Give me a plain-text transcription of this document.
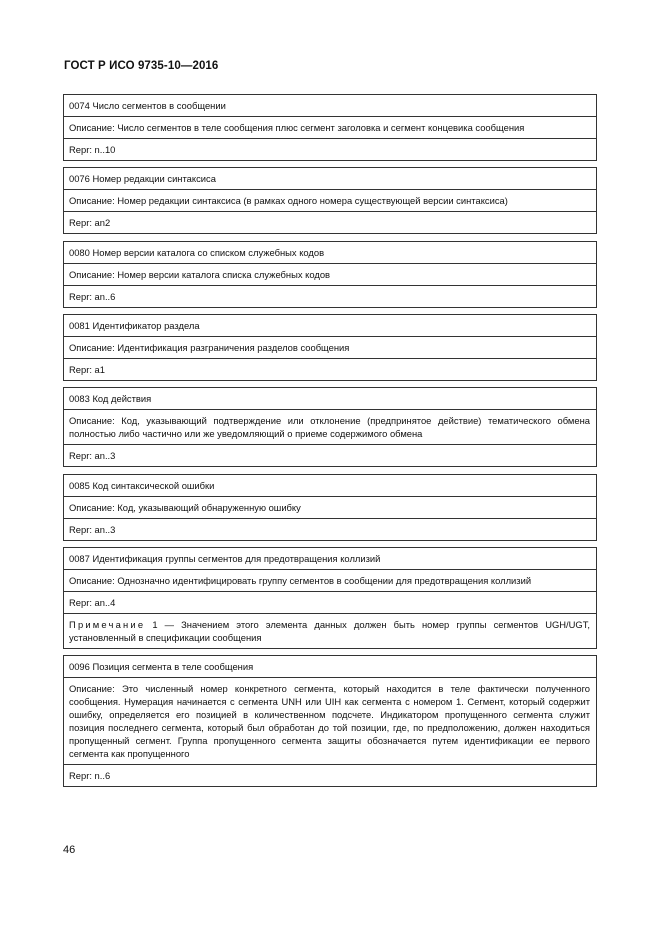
ГОСТ Р ИСО 9735-10—2016
0074 Число сегментов в сообщении
Описание: Число сегментов в теле сообщения плюс сегмент заголовка и сегмент концевика сообщения
Repr: n..10
0076 Номер редакции синтаксиса
Описание: Номер редакции синтаксиса (в рамках одного номера существующей версии синтаксиса)
Repr: an2
0080 Номер версии каталога со списком служебных кодов
Описание: Номер версии каталога списка служебных кодов
Repr: an..6
0081 Идентификатор раздела
Описание: Идентификация разграничения разделов сообщения
Repr: a1
0083 Код действия
Описание: Код, указывающий подтверждение или отклонение (предпринятое действие) тематического обмена полностью либо частично или же уведомляющий о приеме содержимого обмена
Repr: an..3
0085 Код синтаксической ошибки
Описание: Код, указывающий обнаруженную ошибку
Repr: an..3
0087 Идентификация группы сегментов для предотвращения коллизий
Описание: Однозначно идентифицировать группу сегментов в сообщении для предотвращения коллизий
Repr: an..4
Примечание 1 — Значением этого элемента данных должен быть номер группы сегментов UGH/UGT, установленный в спецификации сообщения
0096 Позиция сегмента в теле сообщения
Описание: Это численный номер конкретного сегмента, который находится в теле фактически полученного сообщения. Нумерация начинается с сегмента UNH или UIH как сегмента с номером 1. Сегмент, который содержит ошибку, определяется его позицией в количественном подсчете. Индикатором пропущенного сегмента служит позиция последнего сегмента, который был обработан до той позиции, где, по предположению, должен находиться пропущенный сегмент. Группа пропущенного сегмента защиты обозначается путем идентификации ее первого сегмента как пропущенного
Repr: n..6
46
